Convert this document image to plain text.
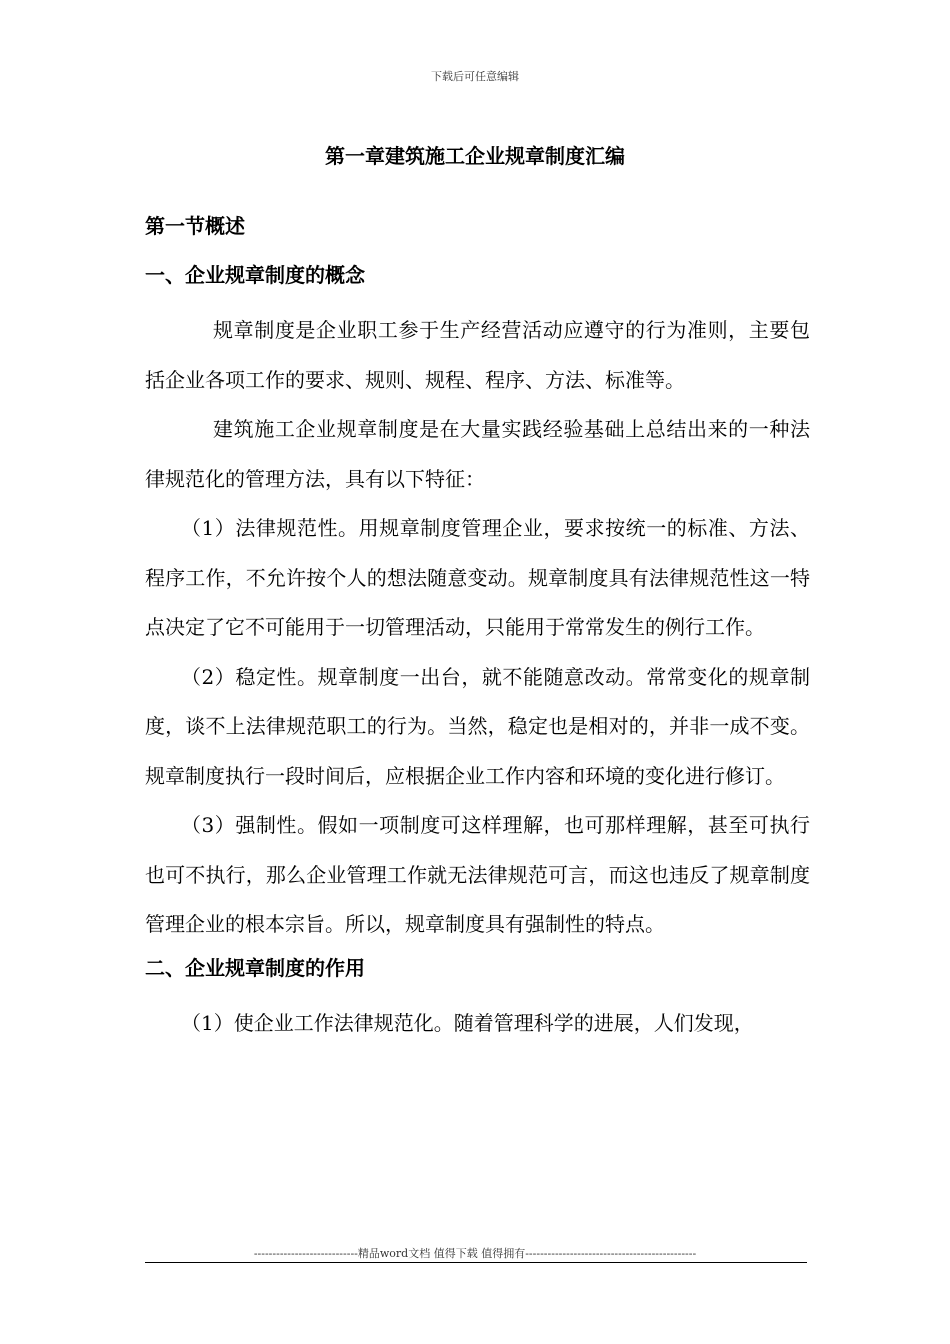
下载后可任意编辑
第一章建筑施工企业规章制度汇编
第一节概述
一、企业规章制度的概念

规章制度是企业职工参于生产经营活动应遵守的行为准则，主要包括企业各项工作的要求、规则、规程、程序、方法、标准等。

建筑施工企业规章制度是在大量实践经验基础上总结出来的一种法律规范化的管理方法，具有以下特征：

（1）法律规范性。用规章制度管理企业，要求按统一的标准、方法、程序工作，不允许按个人的想法随意变动。规章制度具有法律规范性这一特点决定了它不可能用于一切管理活动，只能用于常常发生的例行工作。

（2）稳定性。规章制度一出台，就不能随意改动。常常变化的规章制度，谈不上法律规范职工的行为。当然，稳定也是相对的，并非一成不变。规章制度执行一段时间后，应根据企业工作内容和环境的变化进行修订。

（3）强制性。假如一项制度可这样理解，也可那样理解，甚至可执行也可不执行，那么企业管理工作就无法律规范可言，而这也违反了规章制度管理企业的根本宗旨。所以，规章制度具有强制性的特点。

二、企业规章制度的作用

（1）使企业工作法律规范化。随着管理科学的进展，人们发现，

----------------------------精品word文档 值得下载 值得拥有----------------------------------------------
